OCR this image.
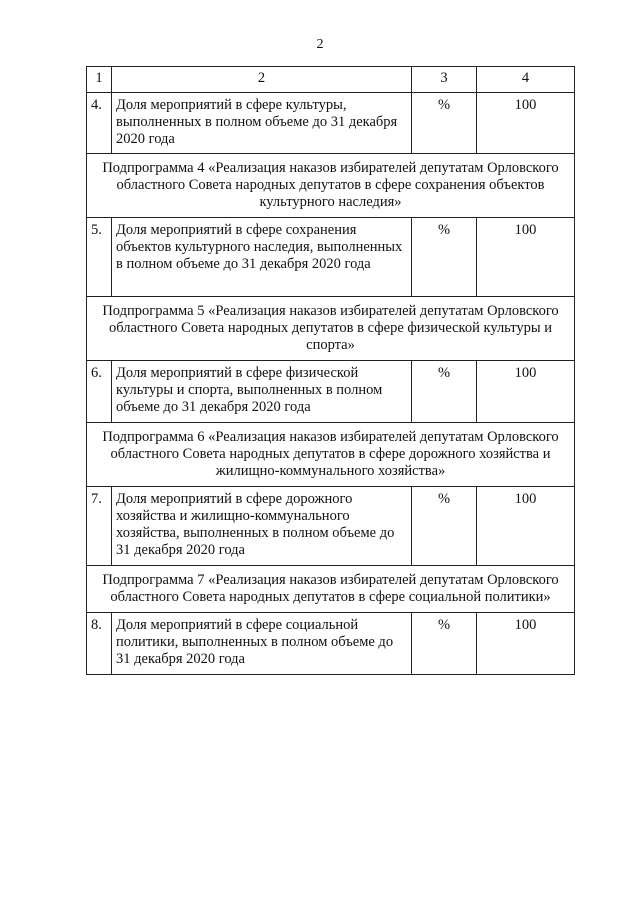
2
1	2	3	4
4.	Доля мероприятий в сфере культуры, выполненных в полном объеме до 31 декабря 2020 года	%	100
Подпрограмма 4 «Реализация наказов избирателей депутатам Орловского областного Совета народных депутатов в сфере сохранения объектов культурного наследия»			
5.	Доля мероприятий в сфере сохранения объектов культурного наследия, выполненных в полном объеме до 31 декабря 2020 года	%	100
Подпрограмма 5 «Реализация наказов избирателей депутатам Орловского областного Совета народных депутатов в сфере физической культуры и спорта»			
6.	Доля мероприятий в сфере физической культуры и спорта, выполненных в полном объеме до 31 декабря 2020 года	%	100
Подпрограмма 6 «Реализация наказов избирателей депутатам Орловского областного Совета народных депутатов в сфере дорожного хозяйства и жилищно-коммунального хозяйства»			
7.	Доля мероприятий в сфере дорожного хозяйства и жилищно-коммунального хозяйства, выполненных в полном объеме до 31 декабря 2020 года	%	100
Подпрограмма 7 «Реализация наказов избирателей депутатам Орловского областного Совета народных депутатов в сфере социальной политики»			
8.	Доля мероприятий в сфере социальной политики, выполненных в полном объеме до 31 декабря 2020 года	%	100
